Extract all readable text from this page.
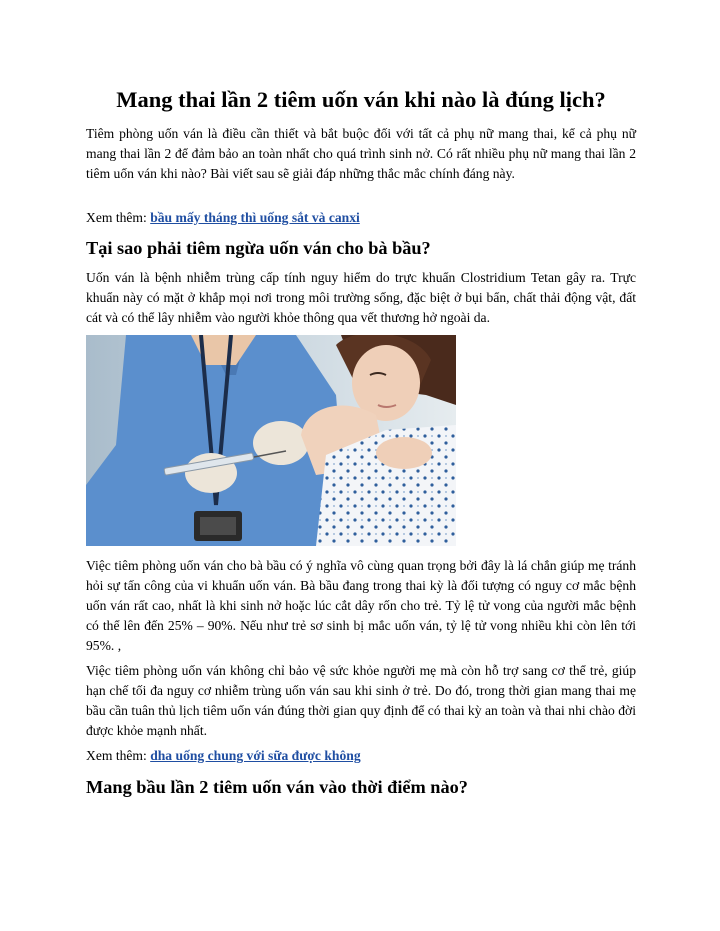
Mang thai lần 2 tiêm uốn ván khi nào là đúng lịch?

Tiêm phòng uốn ván là điều cần thiết và bắt buộc đối với tất cả phụ nữ mang thai, kể cả phụ nữ mang thai lần 2 để đảm bảo an toàn nhất cho quá trình sinh nở. Có rất nhiều phụ nữ mang thai lần 2 tiêm uốn ván khi nào? Bài viết sau sẽ giải đáp những thắc mắc chính đáng này.

Xem thêm: bầu mấy tháng thì uống sắt và canxi

Tại sao phải tiêm ngừa uốn ván cho bà bầu?

Uốn ván là bệnh nhiễm trùng cấp tính nguy hiểm do trực khuẩn Clostridium Tetan gây ra. Trực khuẩn này có mặt ở khắp mọi nơi trong môi trường sống, đặc biệt ở bụi bẩn, chất thải động vật, đất cát và có thể lây nhiễm vào người khỏe thông qua vết thương hở ngoài da.

Việc tiêm phòng uốn ván cho bà bầu có ý nghĩa vô cùng quan trọng bởi đây là lá chắn giúp mẹ tránh hỏi sự tấn công của vi khuẩn uốn ván. Bà bầu đang trong thai kỳ là đối tượng có nguy cơ mắc bệnh uốn ván rất cao, nhất là khi sinh nở hoặc lúc cắt dây rốn cho trẻ. Tỷ lệ tử vong của người mắc bệnh có thể lên đến 25% – 90%. Nếu như trẻ sơ sinh bị mắc uốn ván, tỷ lệ tử vong nhiều khi còn lên tới 95%. ,

Việc tiêm phòng uốn ván không chỉ bảo vệ sức khỏe người mẹ mà còn hỗ trợ sang cơ thể trẻ, giúp hạn chế tối đa nguy cơ nhiễm trùng uốn ván sau khi sinh ở trẻ. Do đó, trong thời gian mang thai mẹ bầu cần tuân thủ lịch tiêm uốn ván đúng thời gian quy định để có thai kỳ an toàn và thai nhi chào đời được khỏe mạnh nhất.

Xem thêm: dha uống chung với sữa được không

Mang bầu lần 2 tiêm uốn ván vào thời điểm nào?
